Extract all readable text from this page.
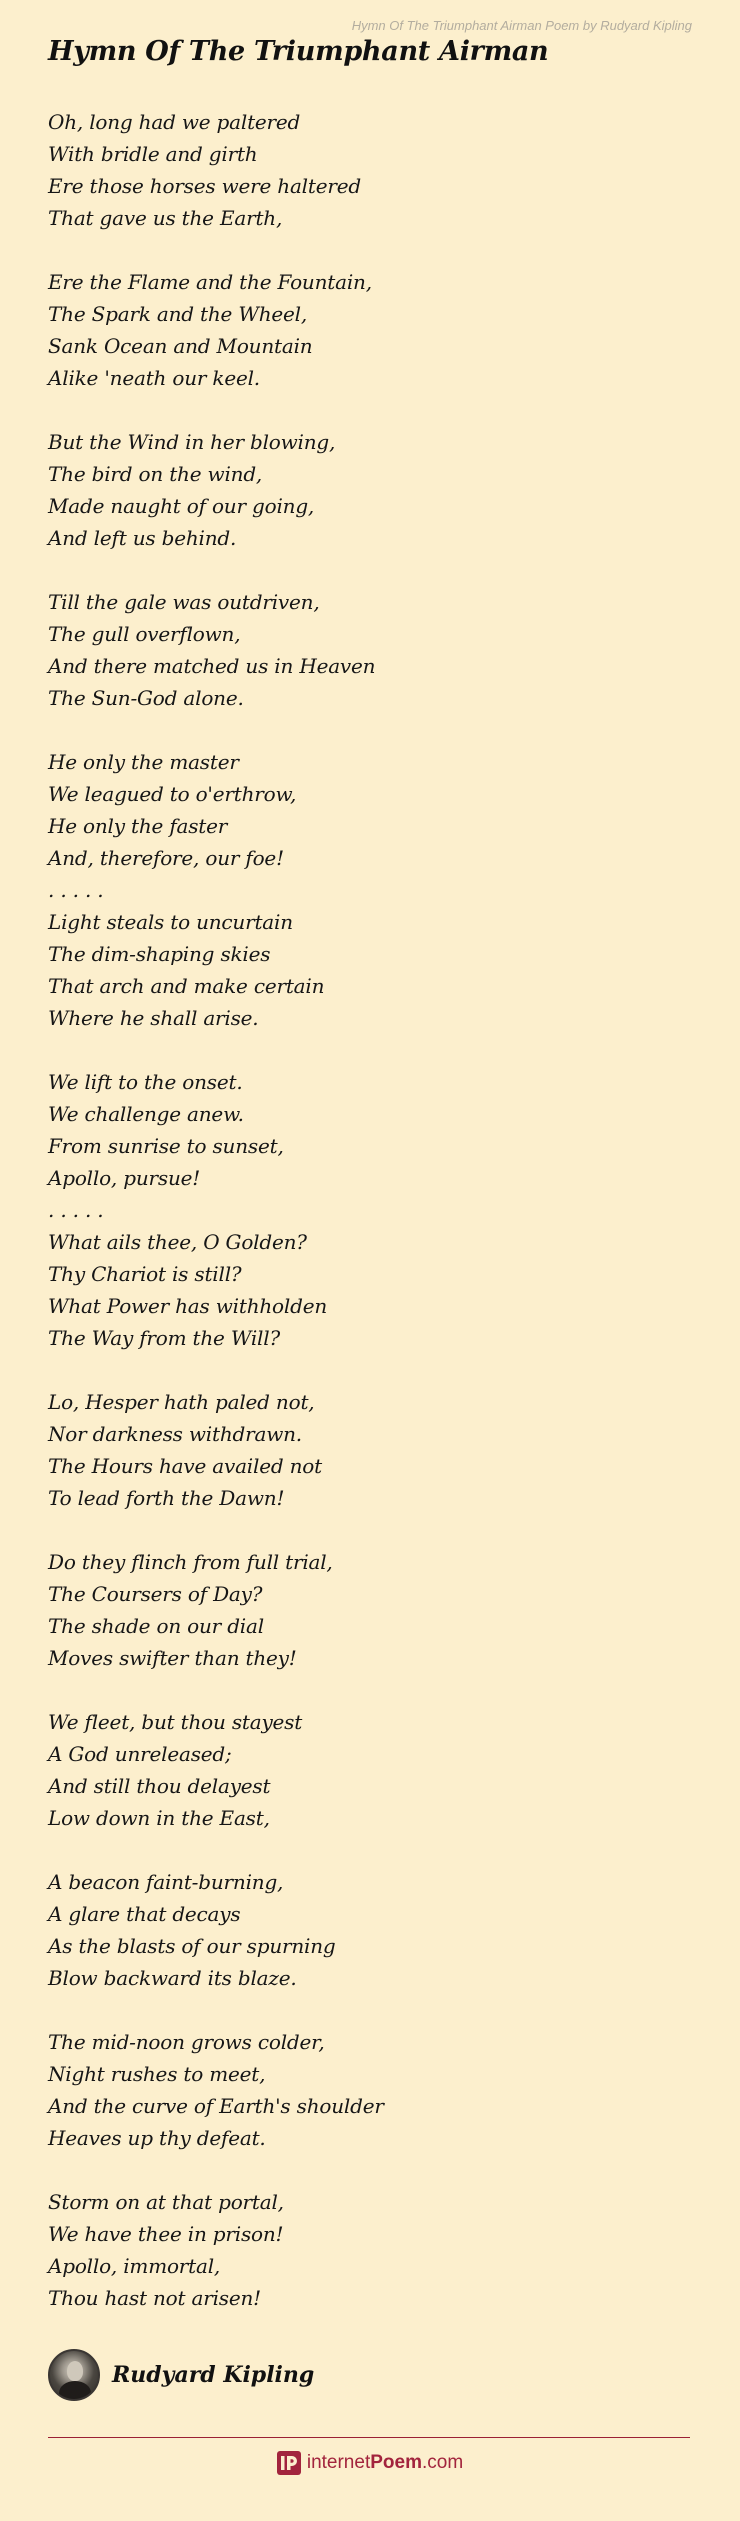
Hymn Of The Triumphant Airman Poem by Rudyard Kipling
Hymn Of The Triumphant Airman
Oh, long had we paltered
With bridle and girth
Ere those horses were haltered
That gave us the Earth,
Ere the Flame and the Fountain,
The Spark and the Wheel,
Sank Ocean and Mountain
Alike 'neath our keel.
But the Wind in her blowing,
The bird on the wind,
Made naught of our going,
And left us behind.
Till the gale was outdriven,
The gull overflown,
And there matched us in Heaven
The Sun-God alone.
He only the master
We leagued to o'erthrow,
He only the faster
And, therefore, our foe!
. . . . .
Light steals to uncurtain
The dim-shaping skies
That arch and make certain
Where he shall arise.
We lift to the onset.
We challenge anew.
From sunrise to sunset,
Apollo, pursue!
. . . . .
What ails thee, O Golden?
Thy Chariot is still?
What Power has withholden
The Way from the Will?
Lo, Hesper hath paled not,
Nor darkness withdrawn.
The Hours have availed not
To lead forth the Dawn!
Do they flinch from full trial,
The Coursers of Day?
The shade on our dial
Moves swifter than they!
We fleet, but thou stayest
A God unreleased;
And still thou delayest
Low down in the East,
A beacon faint-burning,
A glare that decays
As the blasts of our spurning
Blow backward its blaze.
The mid-noon grows colder,
Night rushes to meet,
And the curve of Earth's shoulder
Heaves up thy defeat.
Storm on at that portal,
We have thee in prison!
Apollo, immortal,
Thou hast not arisen!
Rudyard Kipling
internetPoem.com
